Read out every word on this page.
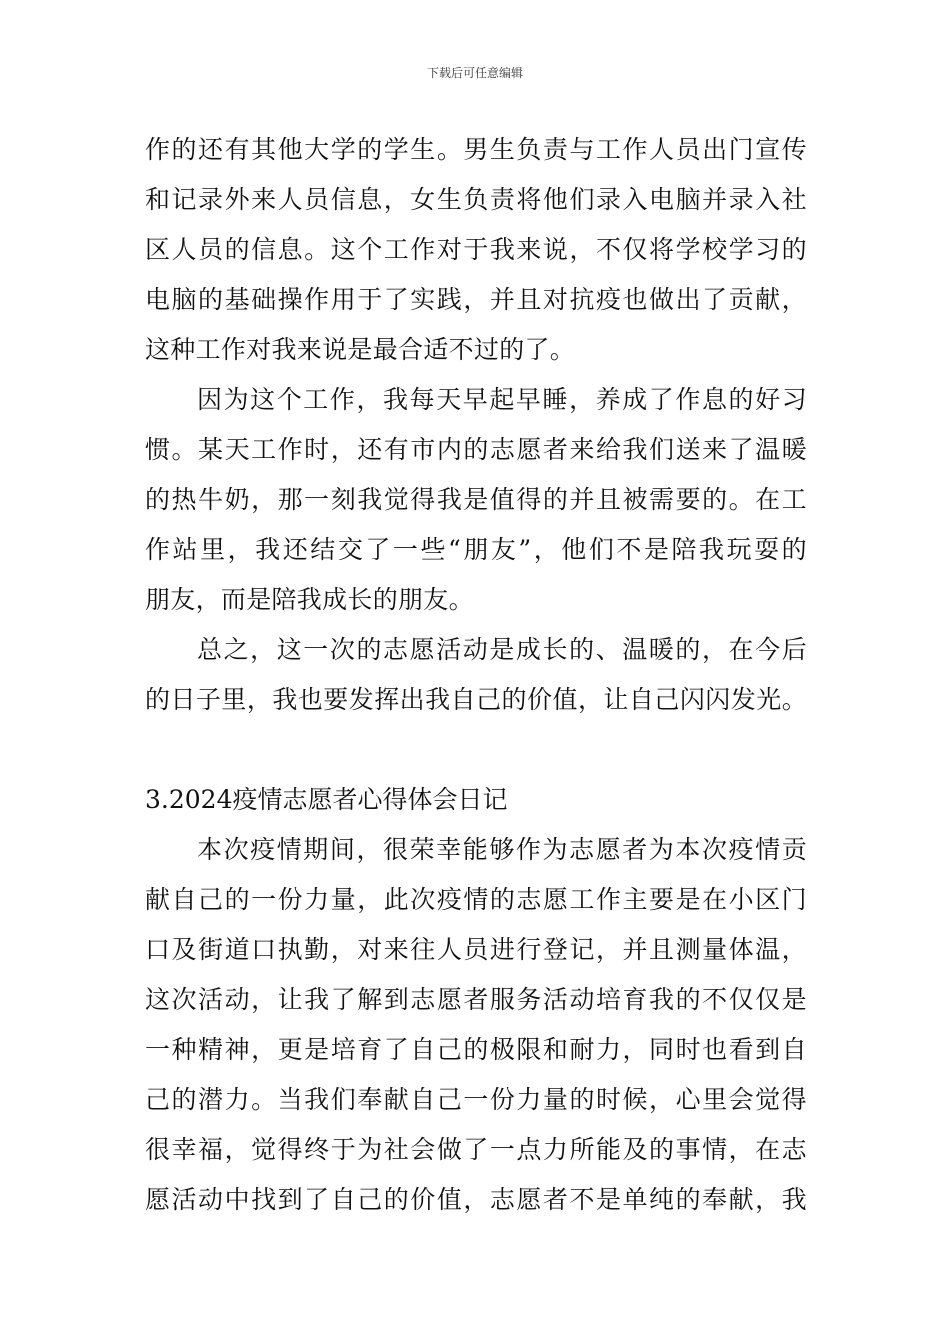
下载后可任意编辑
作的还有其他大学的学生。男生负责与工作人员出门宣传
和记录外来人员信息，女生负责将他们录入电脑并录入社
区人员的信息。这个工作对于我来说，不仅将学校学习的
电脑的基础操作用于了实践，并且对抗疫也做出了贡献，
这种工作对我来说是最合适不过的了。
因为这个工作，我每天早起早睡，养成了作息的好习
惯。某天工作时，还有市内的志愿者来给我们送来了温暖
的热牛奶，那一刻我觉得我是值得的并且被需要的。在工
作站里，我还结交了一些“朋友”，他们不是陪我玩耍的
朋友，而是陪我成长的朋友。
总之，这一次的志愿活动是成长的、温暖的，在今后
的日子里，我也要发挥出我自己的价值，让自己闪闪发光。
3.2024疫情志愿者心得体会日记
本次疫情期间，很荣幸能够作为志愿者为本次疫情贡
献自己的一份力量，此次疫情的志愿工作主要是在小区门
口及街道口执勤，对来往人员进行登记，并且测量体温，
这次活动，让我了解到志愿者服务活动培育我的不仅仅是
一种精神，更是培育了自己的极限和耐力，同时也看到自
己的潜力。当我们奉献自己一份力量的时候，心里会觉得
很幸福，觉得终于为社会做了一点力所能及的事情，在志
愿活动中找到了自己的价值，志愿者不是单纯的奉献，我
